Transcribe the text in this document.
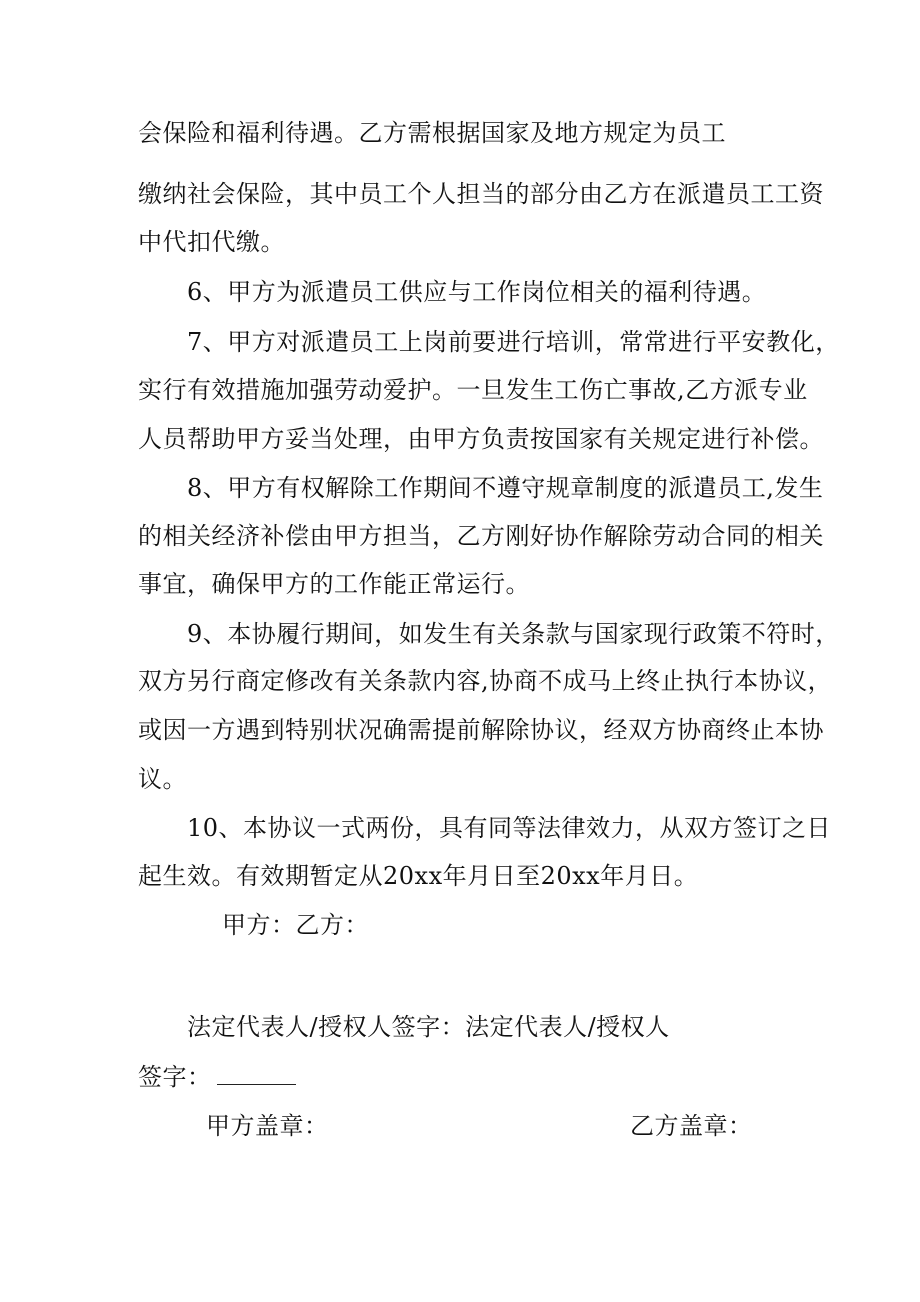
会保险和福利待遇。乙方需根据国家及地方规定为员工
缴纳社会保险，其中员工个人担当的部分由乙方在派遣员工工资
中代扣代缴。
6、甲方为派遣员工供应与工作岗位相关的福利待遇。
7、甲方对派遣员工上岗前要进行培训，常常进行平安教化，
实行有效措施加强劳动爱护。一旦发生工伤亡事故,乙方派专业
人员帮助甲方妥当处理，由甲方负责按国家有关规定进行补偿。
8、甲方有权解除工作期间不遵守规章制度的派遣员工,发生
的相关经济补偿由甲方担当，乙方刚好协作解除劳动合同的相关
事宜，确保甲方的工作能正常运行。
9、本协履行期间，如发生有关条款与国家现行政策不符时，
双方另行商定修改有关条款内容,协商不成马上终止执行本协议，
或因一方遇到特别状况确需提前解除协议，经双方协商终止本协
议。
10、本协议一式两份，具有同等法律效力，从双方签订之日
起生效。有效期暂定从20xx年月日至20xx年月日。
甲方：乙方：
法定代表人/授权人签字：法定代表人/授权人
签字：
甲方盖章：	乙方盖章：
